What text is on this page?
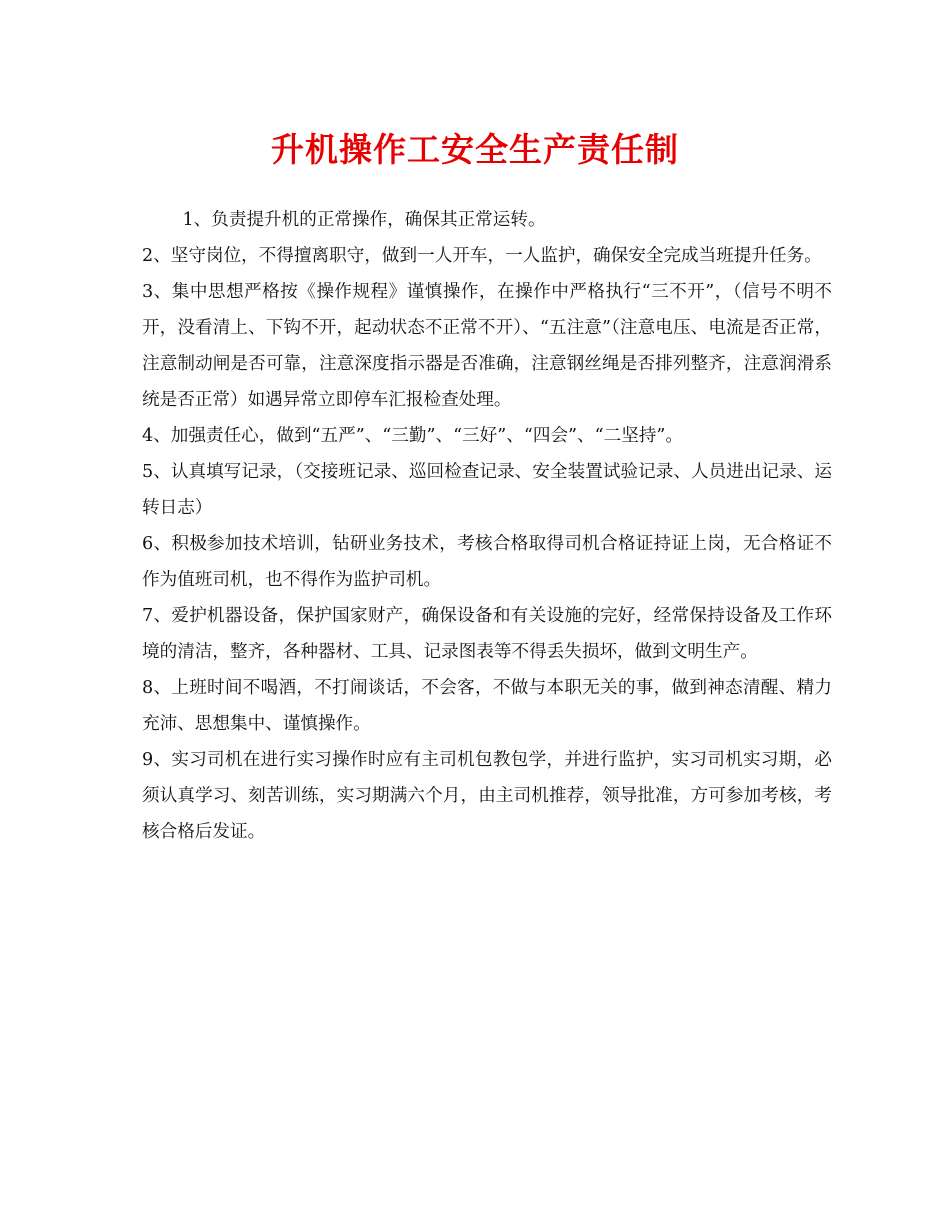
升机操作工安全生产责任制

1、负责提升机的正常操作，确保其正常运转。

2、坚守岗位，不得擅离职守，做到一人开车，一人监护，确保安全完成当班提升任务。

3、集中思想严格按《操作规程》谨慎操作，在操作中严格执行“三不开”，（信号不明不开，没看清上、下钩不开，起动状态不正常不开）、“五注意”（注意电压、电流是否正常，注意制动闸是否可靠，注意深度指示器是否准确，注意钢丝绳是否排列整齐，注意润滑系统是否正常）如遇异常立即停车汇报检查处理。

4、加强责任心，做到“五严”、“三勤”、“三好”、“四会”、“二坚持”。

5、认真填写记录，（交接班记录、巡回检查记录、安全装置试验记录、人员进出记录、运转日志）

6、积极参加技术培训，钻研业务技术，考核合格取得司机合格证持证上岗，无合格证不作为值班司机，也不得作为监护司机。

7、爱护机器设备，保护国家财产，确保设备和有关设施的完好，经常保持设备及工作环境的清洁，整齐，各种器材、工具、记录图表等不得丢失损坏，做到文明生产。

8、上班时间不喝酒，不打闹谈话，不会客，不做与本职无关的事，做到神态清醒、精力充沛、思想集中、谨慎操作。

9、实习司机在进行实习操作时应有主司机包教包学，并进行监护，实习司机实习期，必须认真学习、刻苦训练，实习期满六个月，由主司机推荐，领导批准，方可参加考核，考核合格后发证。
